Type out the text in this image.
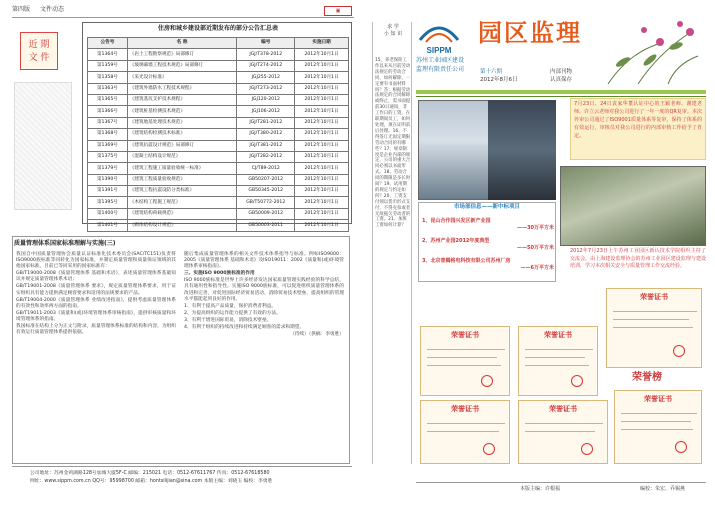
第四版 文件动态	▣
近 期
文 件
住房和城乡建设部近期发布的部分公告汇总表
公告号	名 称	编号	实施日期
第1364号	《岩土工程勘察规范》局部修订	JGJ/T378-2012	2012年10月1日
第1359号	《玻璃幕墙工程技术规范》局部修订	JGJ/T274-2012	2012年10月1日
第1358号	《采光设计标准》	JGJ255-2012	2012年10月1日
第1363号	《建筑外墙防水工程技术规程》	JGJ/T273-2012	2012年10月1日
第1365号	《建筑基坑支护技术规程》	JGJ120-2012	2012年10月1日
第1366号	《建筑桩基检测技术规范》	JGJ106-2012	2012年10月1日
第1367号	《建筑地基处理技术规范》	JGJ/T281-2012	2012年10月1日
第1368号	《建筑结构检测技术标准》	JGJ/T380-2012	2012年10月1日
第1369号	《建筑抗震设计规范》局部修订	JGJ/T381-2012	2012年10月1日
第1375号	《混凝土结构设计规范》	JGJ/T282-2012	2012年10月1日
第1379号	《建筑工程施工质量验收统一标准》	CJ/T89-2012	2012年10月1日
第1390号	《建筑工程质量验收规范》	GB50207-2012	2012年10月1日
第1391号	《建筑工程抗震设防分类标准》	GB50345-2012	2012年10月1日
第1395号	《木结构工程施工规范》	GB/T50772-2012	2012年10月1日
第1400号	《建筑结构荷载规范》	GB50009-2012	2012年10月1日
第1401号	《砌体结构设计规范》	GB50003-2011	2012年10月1日
质量管理体系国家标准理解与实施(三)

我国自中国质量管理协会质量认证标准化技术委员会(SAC/TC151)负责将ISO9000族标准等同转化为国家标准，并制定质量管理和质量保证领域的其他国家标准。目前已等同采用的国家标准有：

GB/T19000-2008《质量管理体系 基础和术语》，表述质量管理体系基础知识并规定质量管理体系术语；

GB/T19001-2008《质量管理体系 要求》，规定质量管理体系要求，用于证实组织具有能力提供满足顾客要求和适用的法规要求的产品。

GB/T19004-2000《质量管理体系 业绩改进指南》，提供考虑质量管理体系的有效性和效率两方面的指南。

GB/T19011-2003《质量和(或)环境管理体系审核指南》，提供审核质量和环境管理体系的指南。

我国标准在结构上分为正文与附录，质量管理体系标准的结构和内容，为组织有效运行质量管理体系提供依据。

随后集成质量管理体系的相关文件技术体系指导与标准。例如ISO9000：2005《质量管理体系 基础和术语》及ISO19011：2002《质量和(或)环境管理体系审核指南》。

三、实施ISO 9000族标准的作用

ISO 9000族标准是世界上许多经济发达国家质量管理实践经验的科学总结，具有通用性和指导性。实施ISO 9000族标准，可以促进组织质量管理体系的改进和完善，对促进国际经济贸易活动、消除贸易技术壁垒、提高组织的管理水平都能起到良好的作用。

1、有利于提高产品质量，保护消费者利益。

2、为提高组织的运作能力提供了有效的方法。

3、有利于增进国际贸易，消除技术壁垒。

4、有利于组织的持续改进和持续满足顾客的需求和期望。

（待续）（供稿：李勇胜）

公司地址：苏州金鸡湖路128号加城大厦5F-C 邮编：215021 电话：0512-67611767 传真：0512-67618580
网址：www.sippm.com.cn QQ号：95998700 邮箱：hontsilijian@sina.com 本版主编：刘晓玉 编校：李勇胜
求 学
小 知 识
15、养老保险工作以来从目前劳动法规定的劳动合同，如何解除，一定要有书面材料吗？答：根据劳动法规定的合同解除或终止，需书面提前30日通知，非工作日的工资，在职期间员工，如何处理，须在证明前后处理。16、不得签订无固定期限劳动合同的有哪些？17、规章制度是企业内部的规定，公司的重大合同必须以书面形式。18、劳动合同的期限是多长时间？19、试用期的规定与约定如何？20、工资支付须以货币形式支付，不得克扣或者无故拖欠劳动者的工资。21、加班工资如何计算？
SIPPM
苏州工业园区建设
监理有限责任公司
园区监理
第十六期
2012年8月6日
内部刊物
认真保存
7月23日、24日袁家华董认证中心的王颖老师、谢建老师、许立云老师对我公司进行了一年一度的QR复审。本次外审公司通过了ISO9001质量体系等复审，保持了体系的有效运行，审核员对我公司进行的内部审核工作给予了肯定。
市场部信息——新中标项目
1、昆山合作园兴发区新产业园
——30万平方米
2、苏州产业园2012年度典型
——50万平方米
3、北京普腾格电科技有限公司苏州厂房
——6万平方米
2012年7月23日上午苏州工业园区新认技术学院组织主持了交流会，由上海建设监理协会的苏州工业园区建设监理与建设培训，学习本次相关安全与质量管理工作交流经验。
荣誉证书	荣誉证书
荣誉证书
荣誉榜
荣誉证书	荣誉证书
荣誉证书
本版主编：许根福	编校：朱宏、乔锡燕
